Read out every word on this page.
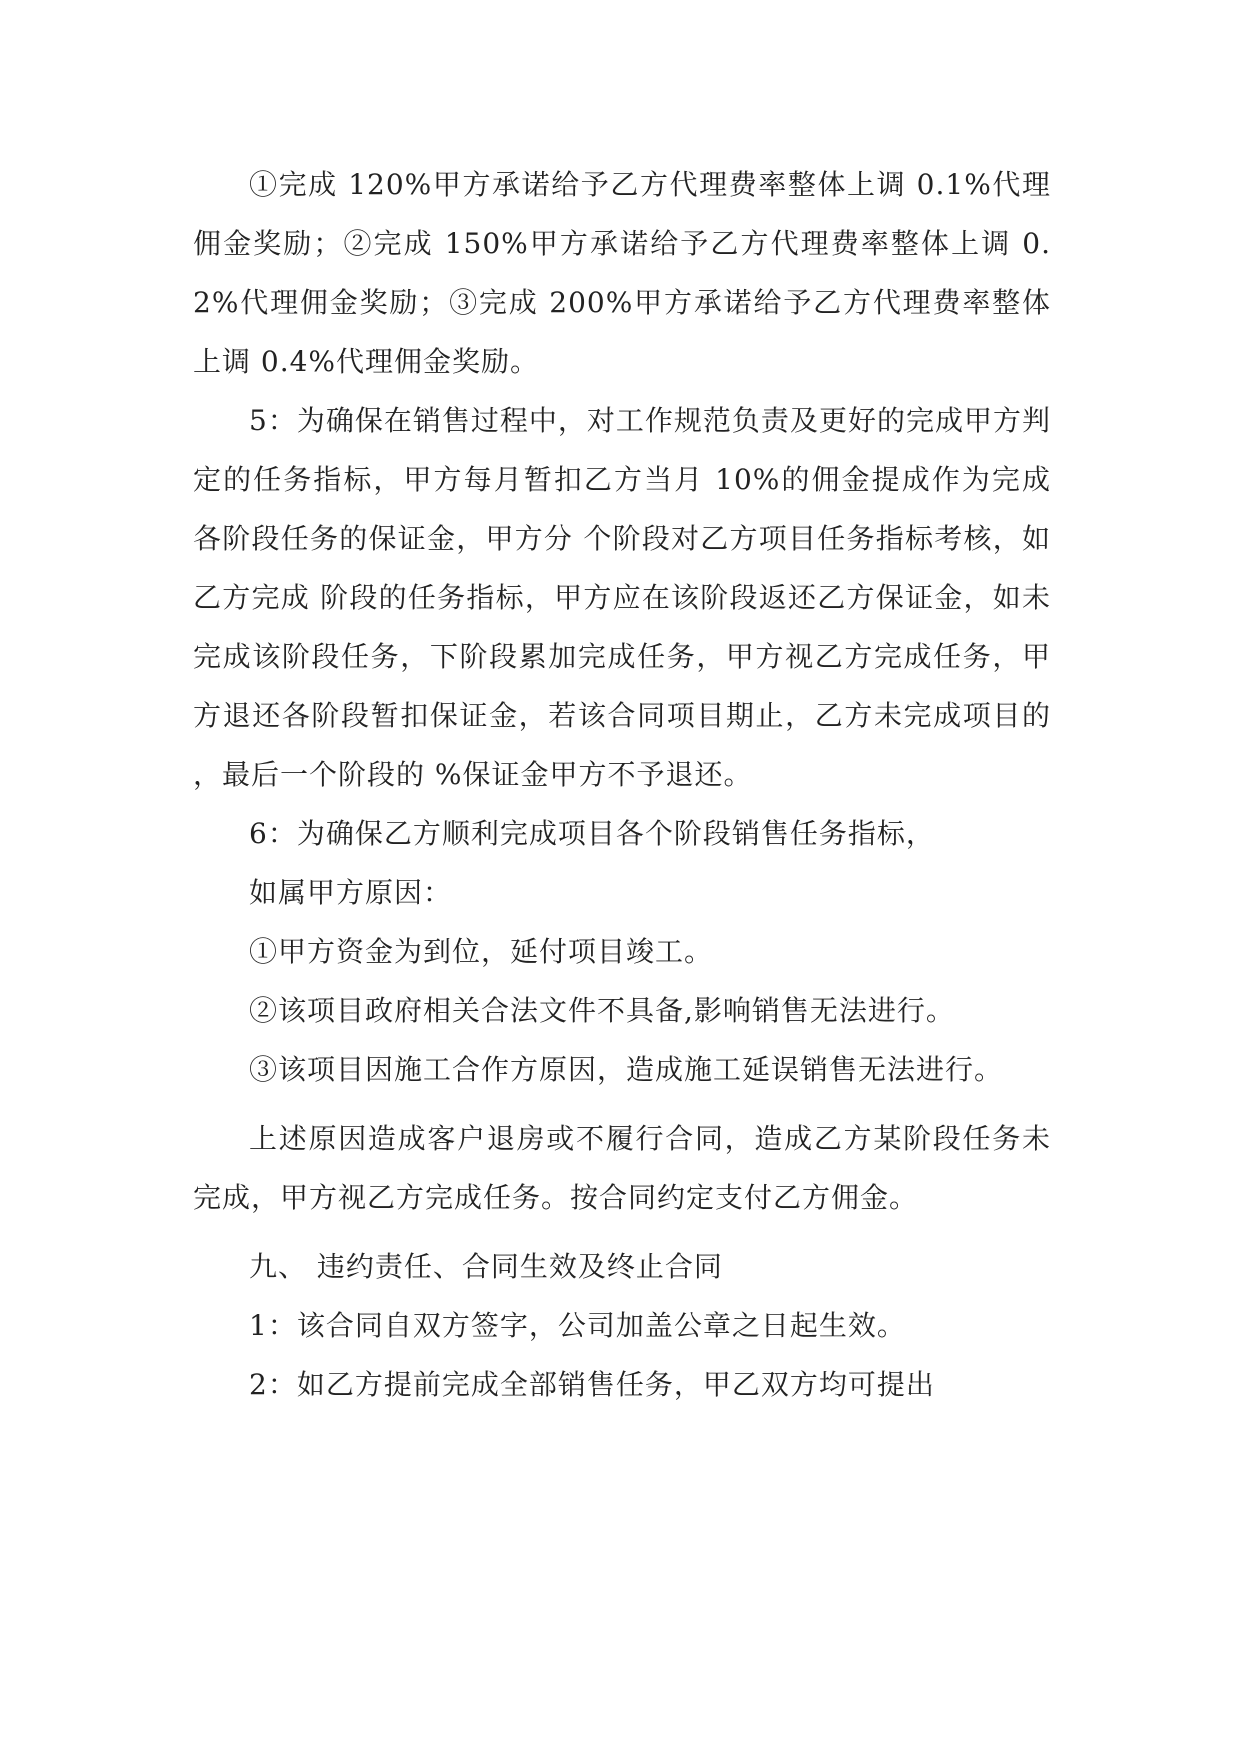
①完成 120%甲方承诺给予乙方代理费率整体上调 0.1%代理佣金奖励；②完成 150%甲方承诺给予乙方代理费率整体上调 0.2%代理佣金奖励；③完成 200%甲方承诺给予乙方代理费率整体上调 0.4%代理佣金奖励。

5：为确保在销售过程中，对工作规范负责及更好的完成甲方判定的任务指标，甲方每月暂扣乙方当月 10%的佣金提成作为完成各阶段任务的保证金，甲方分 个阶段对乙方项目任务指标考核，如乙方完成 阶段的任务指标，甲方应在该阶段返还乙方保证金，如未完成该阶段任务，下阶段累加完成任务，甲方视乙方完成任务，甲方退还各阶段暂扣保证金，若该合同项目期止，乙方未完成项目的 ，最后一个阶段的 %保证金甲方不予退还。

6：为确保乙方顺利完成项目各个阶段销售任务指标，

如属甲方原因：

①甲方资金为到位，延付项目竣工。

②该项目政府相关合法文件不具备,影响销售无法进行。

③该项目因施工合作方原因，造成施工延误销售无法进行。

上述原因造成客户退房或不履行合同，造成乙方某阶段任务未完成，甲方视乙方完成任务。按合同约定支付乙方佣金。

九、 违约责任、合同生效及终止合同

1：该合同自双方签字，公司加盖公章之日起生效。

2：如乙方提前完成全部销售任务，甲乙双方均可提出
